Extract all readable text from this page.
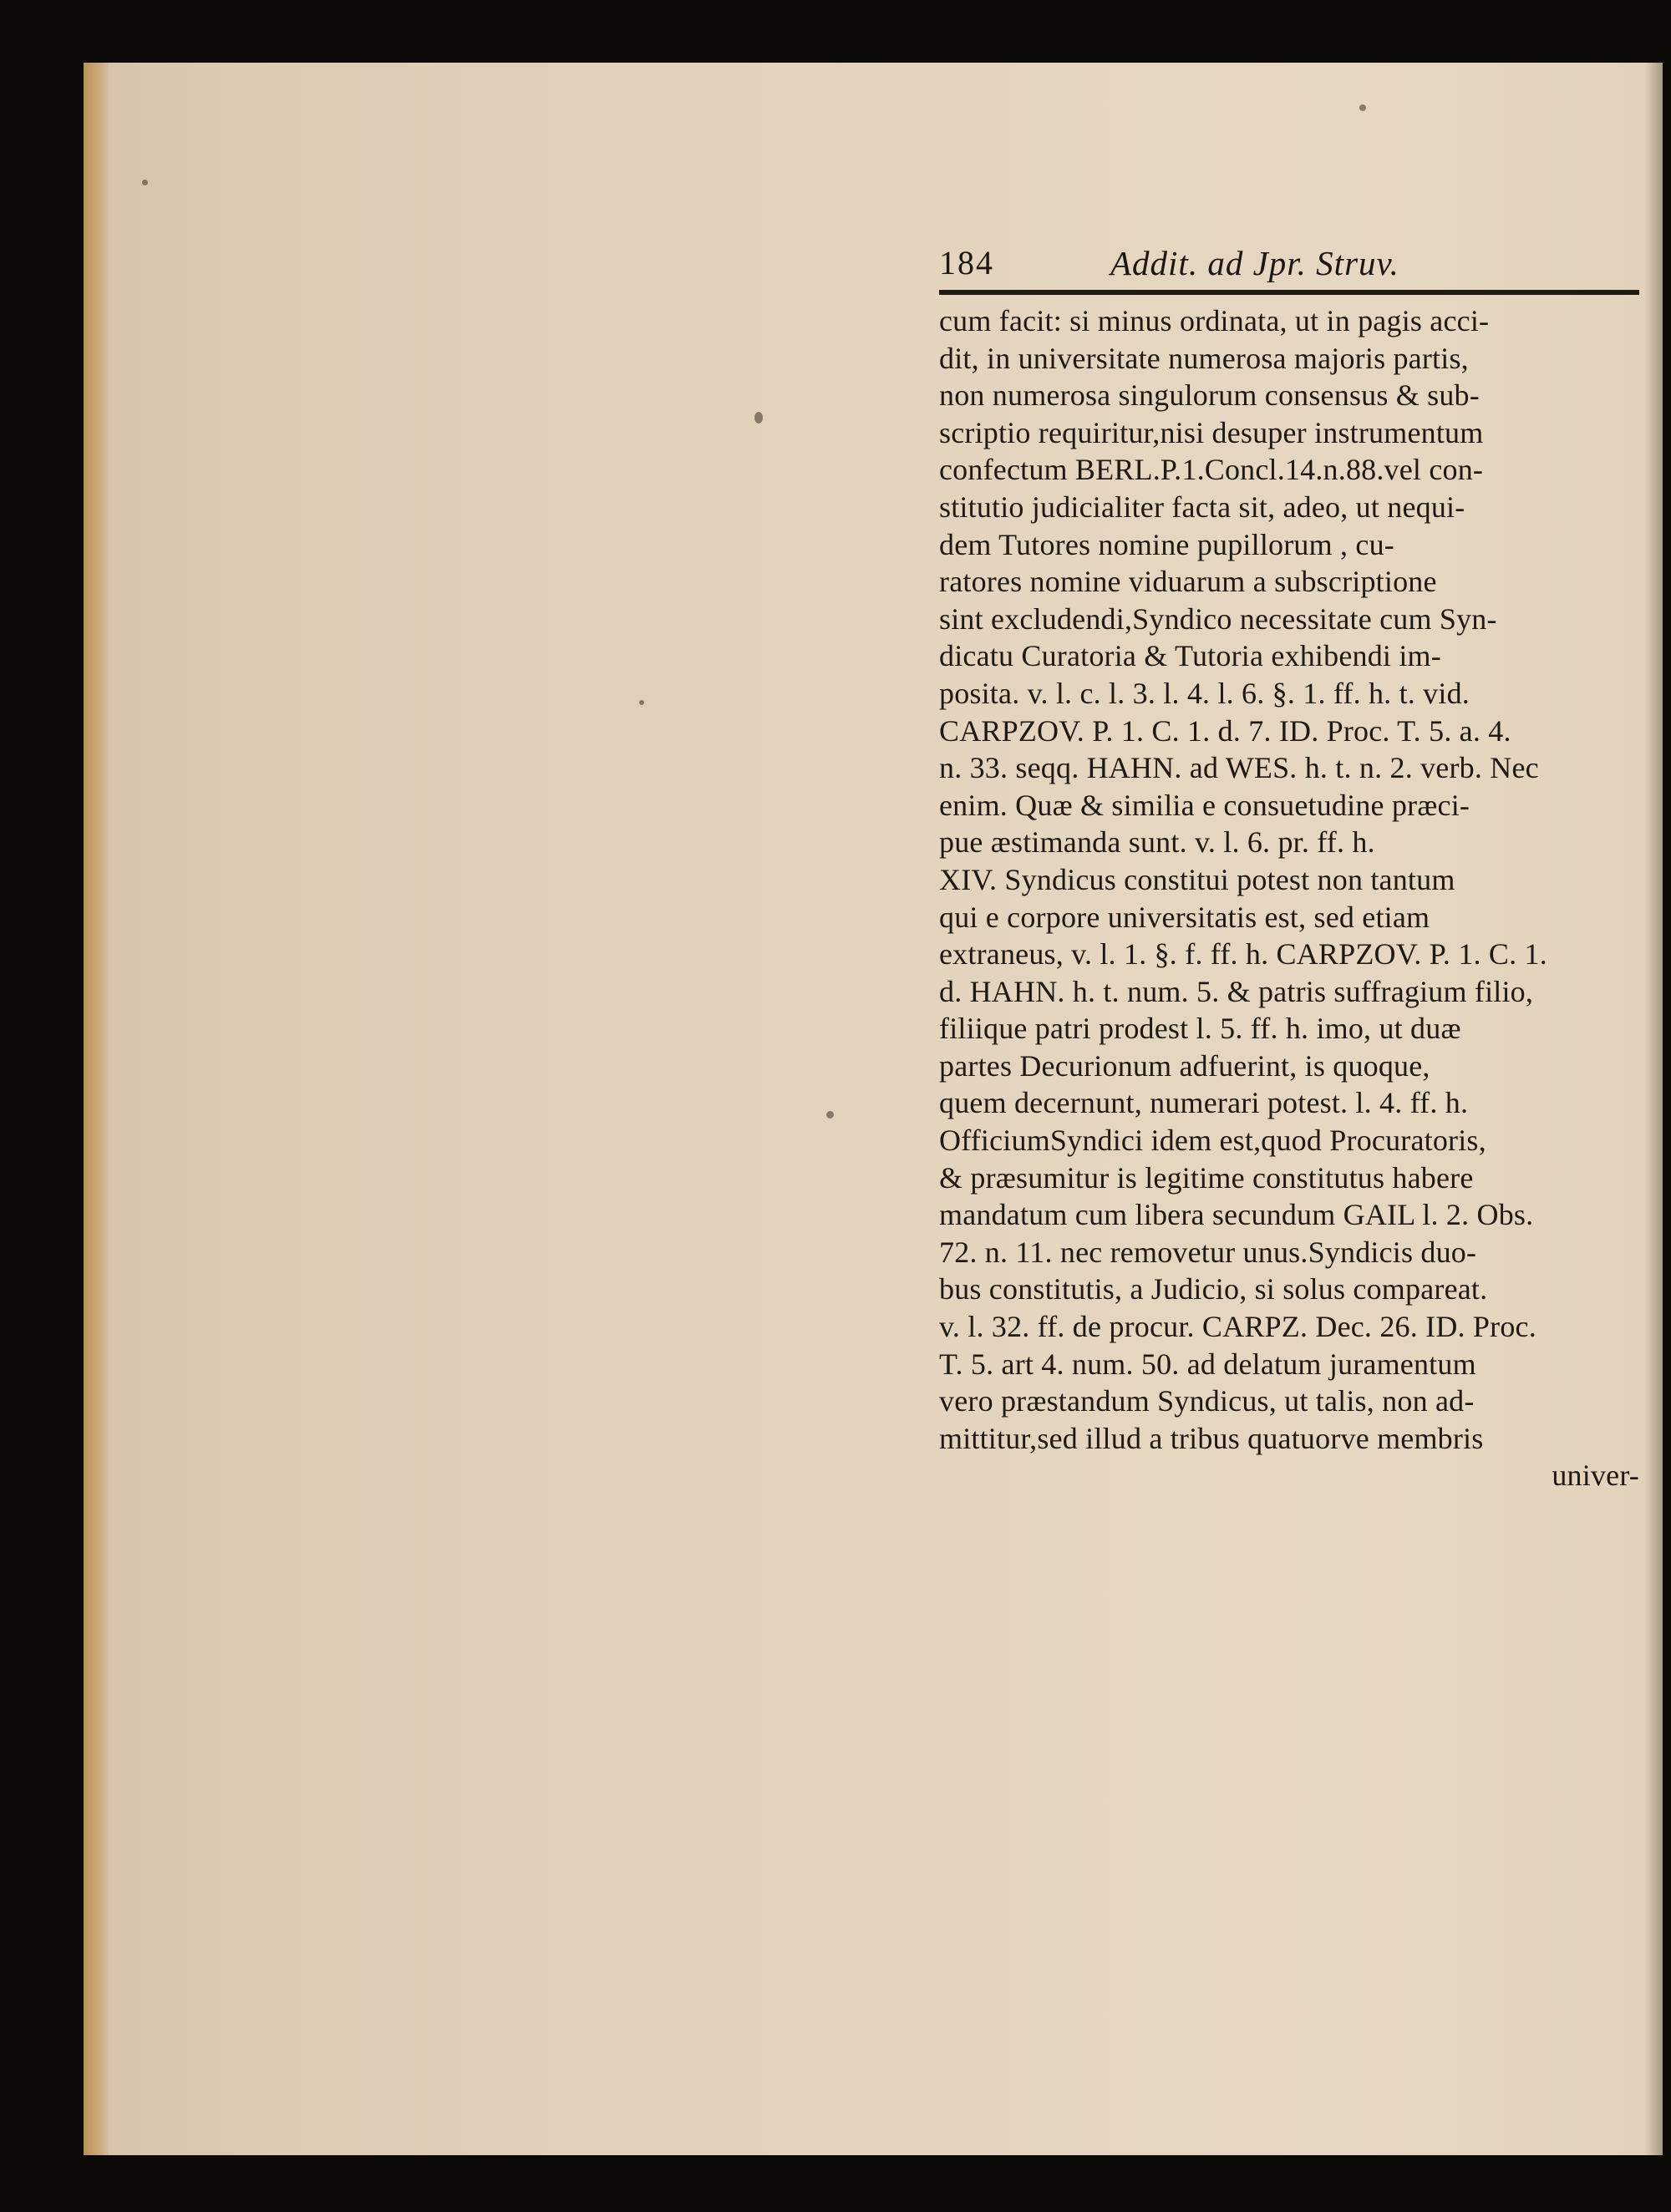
184	Addit. ad Jpr. Struv.
cum facit: si minus ordinata, ut in pagis acci-
dit, in universitate numerosa majoris partis,
non numerosa singulorum consensus & sub-
scriptio requiritur,nisi desuper instrumentum
confectum BERL.P.1.Concl.14.n.88.vel con-
stitutio judicialiter facta sit, adeo, ut nequi-
dem Tutores nomine pupillorum , cu-
ratores nomine viduarum a subscriptione
sint excludendi,Syndico necessitate cum Syn-
dicatu Curatoria & Tutoria exhibendi im-
posita. v. l. c. l. 3. l. 4. l. 6. §. 1. ff. h. t. vid.
CARPZOV. P. 1. C. 1. d. 7. ID. Proc. T. 5. a. 4.
n. 33. seqq. HAHN. ad WES. h. t. n. 2. verb. Nec
enim. Quæ & similia e consuetudine præci-
pue æstimanda sunt. v. l. 6. pr. ff. h.
XIV. Syndicus constitui potest non tantum
qui e corpore universitatis est, sed etiam
extraneus, v. l. 1. §. f. ff. h. CARPZOV. P. 1. C. 1.
d. HAHN. h. t. num. 5. & patris suffragium filio,
filiique patri prodest l. 5. ff. h. imo, ut duæ
partes Decurionum adfuerint, is quoque,
quem decernunt, numerari potest. l. 4. ff. h.
OfficiumSyndici idem est,quod Procuratoris,
& præsumitur is legitime constitutus habere
mandatum cum libera secundum GAIL l. 2. Obs.
72. n. 11. nec removetur unus.Syndicis duo-
bus constitutis, a Judicio, si solus compareat.
v. l. 32. ff. de procur. CARPZ. Dec. 26. ID. Proc.
T. 5. art 4. num. 50. ad delatum juramentum
vero præstandum Syndicus, ut talis, non ad-
mittitur,sed illud a tribus quatuorve membris
univer-
